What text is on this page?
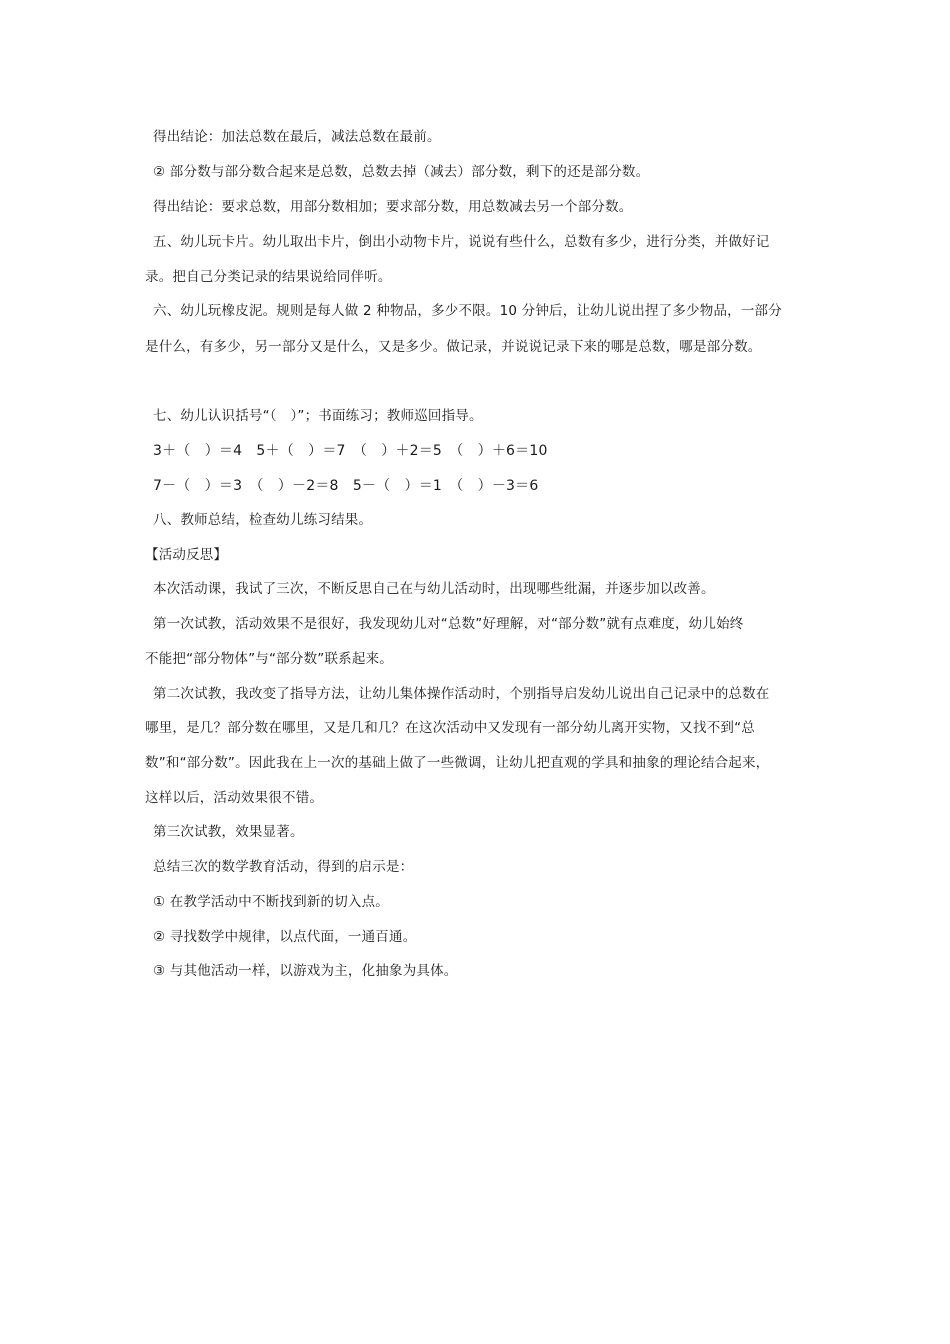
得出结论：加法总数在最后，减法总数在最前。
② 部分数与部分数合起来是总数，总数去掉（减去）部分数，剩下的还是部分数。
得出结论：要求总数，用部分数相加；要求部分数，用总数减去另一个部分数。
五、幼儿玩卡片。幼儿取出卡片，倒出小动物卡片，说说有些什么，总数有多少，进行分类，并做好记
录。把自己分类记录的结果说给同伴听。
六、幼儿玩橡皮泥。规则是每人做 2 种物品，多少不限。10 分钟后，让幼儿说出捏了多少物品，一部分
是什么，有多少，另一部分又是什么，又是多少。做记录，并说说记录下来的哪是总数，哪是部分数。
七、幼儿认识括号“（　）”；书面练习；教师巡回指导。
3＋（　）＝4　5＋（　）＝7　（　）＋2＝5　（　）＋6＝10
7－（　）＝3　（　）－2＝8　5－（　）＝1　（　）－3＝6
八、教师总结，检查幼儿练习结果。
【活动反思】
本次活动课，我试了三次，不断反思自己在与幼儿活动时，出现哪些纰漏，并逐步加以改善。
第一次试教，活动效果不是很好，我发现幼儿对“总数”好理解，对“部分数”就有点难度，幼儿始终
不能把“部分物体”与“部分数”联系起来。
第二次试教，我改变了指导方法，让幼儿集体操作活动时，个别指导启发幼儿说出自己记录中的总数在
哪里，是几？部分数在哪里，又是几和几？在这次活动中又发现有一部分幼儿离开实物，又找不到“总
数”和“部分数”。因此我在上一次的基础上做了一些微调，让幼儿把直观的学具和抽象的理论结合起来，
这样以后，活动效果很不错。
第三次试教，效果显著。
总结三次的数学教育活动，得到的启示是：
① 在教学活动中不断找到新的切入点。
② 寻找数学中规律，以点代面，一通百通。
③ 与其他活动一样，以游戏为主，化抽象为具体。
